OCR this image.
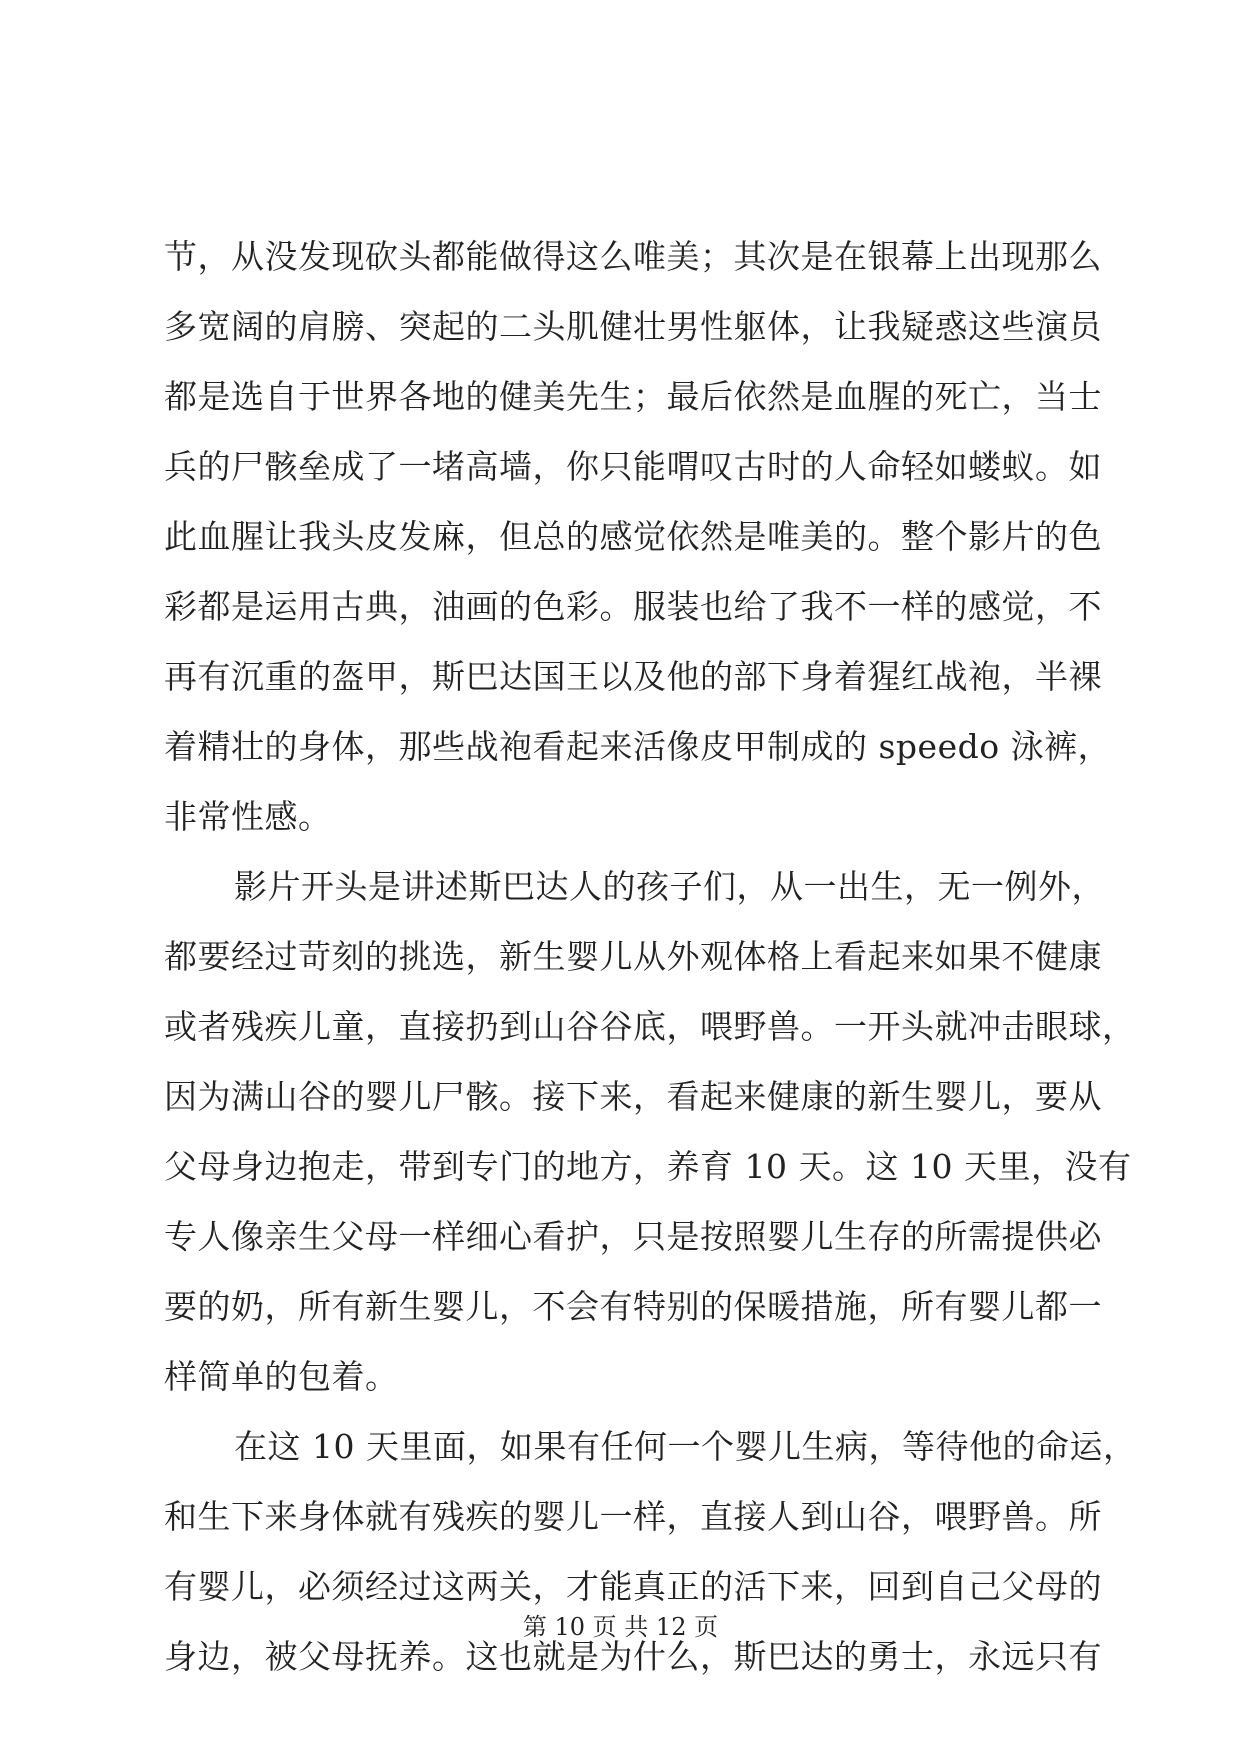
节，从没发现砍头都能做得这么唯美；其次是在银幕上出现那么
多宽阔的肩膀、突起的二头肌健壮男性躯体，让我疑惑这些演员
都是选自于世界各地的健美先生；最后依然是血腥的死亡，当士
兵的尸骸垒成了一堵高墙，你只能喟叹古时的人命轻如蝼蚁。如
此血腥让我头皮发麻，但总的感觉依然是唯美的。整个影片的色
彩都是运用古典，油画的色彩。服装也给了我不一样的感觉，不
再有沉重的盔甲，斯巴达国王以及他的部下身着猩红战袍，半裸
着精壮的身体，那些战袍看起来活像皮甲制成的 speedo 泳裤，
非常性感。
影片开头是讲述斯巴达人的孩子们，从一出生，无一例外，
都要经过苛刻的挑选，新生婴儿从外观体格上看起来如果不健康
或者残疾儿童，直接扔到山谷谷底，喂野兽。一开头就冲击眼球，
因为满山谷的婴儿尸骸。接下来，看起来健康的新生婴儿，要从
父母身边抱走，带到专门的地方，养育 10 天。这 10 天里，没有
专人像亲生父母一样细心看护，只是按照婴儿生存的所需提供必
要的奶，所有新生婴儿，不会有特别的保暖措施，所有婴儿都一
样简单的包着。
在这 10 天里面，如果有任何一个婴儿生病，等待他的命运，
和生下来身体就有残疾的婴儿一样，直接人到山谷，喂野兽。所
有婴儿，必须经过这两关，才能真正的活下来，回到自己父母的
身边，被父母抚养。这也就是为什么，斯巴达的勇士，永远只有
第 10 页 共 12 页
